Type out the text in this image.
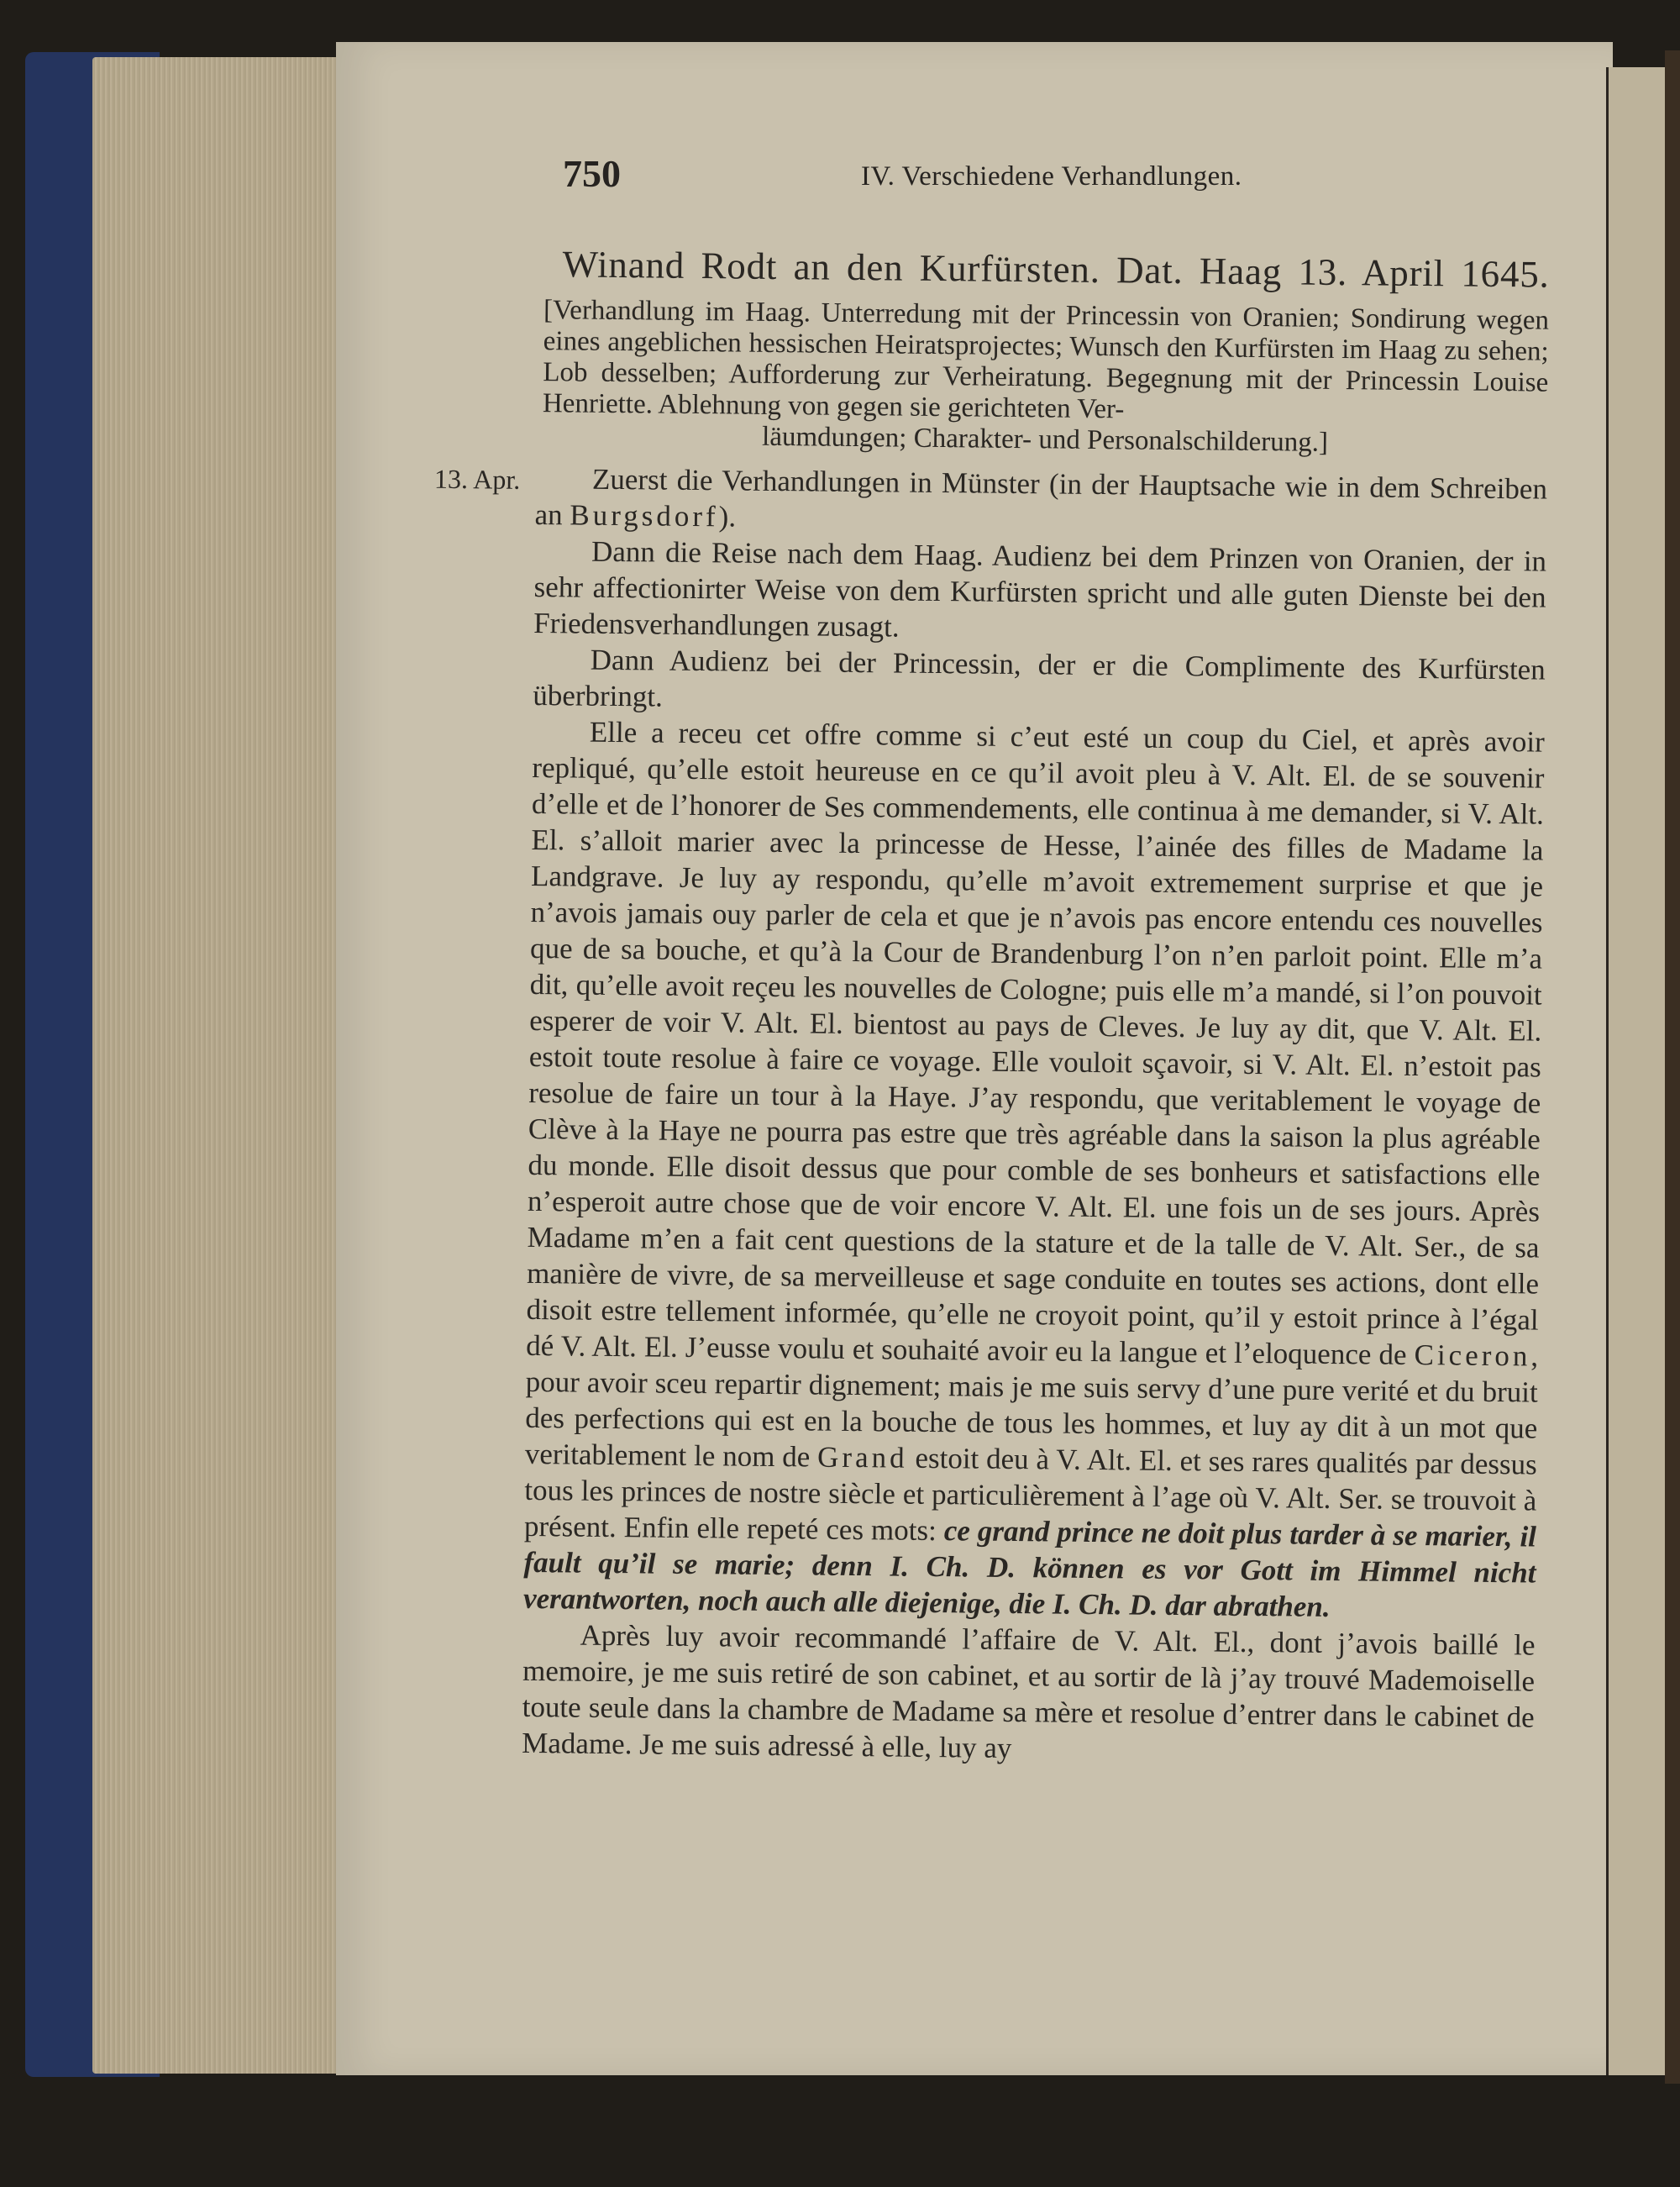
750	IV. Verschiedene Verhandlungen.
Winand Rodt an den Kurfürsten. Dat. Haag 13. April 1645.
[Verhandlung im Haag. Unterredung mit der Princessin von Oranien; Sondirung wegen eines angeblichen hessischen Heiratsprojectes; Wunsch den Kurfürsten im Haag zu sehen; Lob desselben; Aufforderung zur Verheiratung. Begegnung mit der Princessin Louise Henriette. Ablehnung von gegen sie gerichteten Ver-
läumdungen; Charakter- und Personalschilderung.]
13. Apr.	Zuerst die Verhandlungen in Münster (in der Hauptsache wie in dem Schreiben an Burgsdorf).

Dann die Reise nach dem Haag. Audienz bei dem Prinzen von Oranien, der in sehr affectionirter Weise von dem Kurfürsten spricht und alle guten Dienste bei den Friedensverhandlungen zusagt.

Dann Audienz bei der Princessin, der er die Complimente des Kurfürsten überbringt.

Elle a receu cet offre comme si c’eut esté un coup du Ciel, et après avoir repliqué, qu’elle estoit heureuse en ce qu’il avoit pleu à V. Alt. El. de se souvenir d’elle et de l’honorer de Ses commendements, elle continua à me demander, si V. Alt. El. s’alloit marier avec la princesse de Hesse, l’ainée des filles de Madame la Landgrave. Je luy ay respondu, qu’elle m’avoit extremement surprise et que je n’avois jamais ouy parler de cela et que je n’avois pas encore entendu ces nouvelles que de sa bouche, et qu’à la Cour de Brandenburg l’on n’en parloit point. Elle m’a dit, qu’elle avoit reçeu les nouvelles de Cologne; puis elle m’a mandé, si l’on pouvoit esperer de voir V. Alt. El. bientost au pays de Cleves. Je luy ay dit, que V. Alt. El. estoit toute resolue à faire ce voyage. Elle vouloit sçavoir, si V. Alt. El. n’estoit pas resolue de faire un tour à la Haye. J’ay respondu, que veritablement le voyage de Clève à la Haye ne pourra pas estre que très agréable dans la saison la plus agréable du monde. Elle disoit dessus que pour comble de ses bonheurs et satisfactions elle n’esperoit autre chose que de voir encore V. Alt. El. une fois un de ses jours. Après Madame m’en a fait cent questions de la stature et de la talle de V. Alt. Ser., de sa manière de vivre, de sa merveilleuse et sage conduite en toutes ses actions, dont elle disoit estre tellement informée, qu’elle ne croyoit point, qu’il y estoit prince à l’égal dé V. Alt. El. J’eusse voulu et souhaité avoir eu la langue et l’eloquence de Ciceron, pour avoir sceu repartir dignement; mais je me suis servy d’une pure verité et du bruit des perfections qui est en la bouche de tous les hommes, et luy ay dit à un mot que veritablement le nom de Grand estoit deu à V. Alt. El. et ses rares qualités par dessus tous les princes de nostre siècle et particulièrement à l’age où V. Alt. Ser. se trouvoit à présent. Enfin elle repeté ces mots: ce grand prince ne doit plus tarder à se marier, il fault qu’il se marie; denn I. Ch. D. können es vor Gott im Himmel nicht verantworten, noch auch alle diejenige, die I. Ch. D. dar abrathen.

Après luy avoir recommandé l’affaire de V. Alt. El., dont j’avois baillé le memoire, je me suis retiré de son cabinet, et au sortir de là j’ay trouvé Mademoiselle toute seule dans la chambre de Madame sa mère et resolue d’entrer dans le cabinet de Madame. Je me suis adressé à elle, luy ay
